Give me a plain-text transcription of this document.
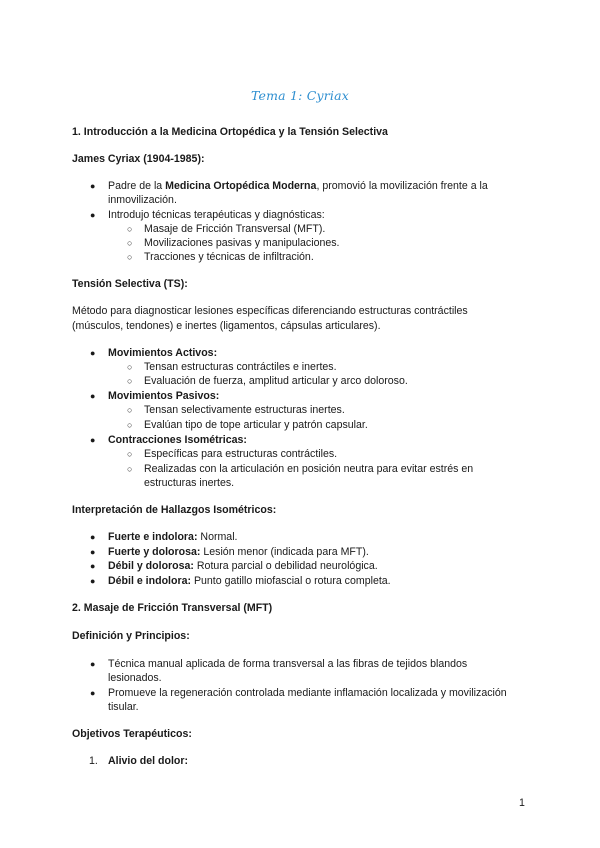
Tema 1: Cyriax
1. Introducción a la Medicina Ortopédica y la Tensión Selectiva
James Cyriax (1904-1985):
● Padre de la Medicina Ortopédica Moderna, promovió la movilización frente a la
inmovilización.
● Introdujo técnicas terapéuticas y diagnósticas:
○ Masaje de Fricción Transversal (MFT).
○ Movilizaciones pasivas y manipulaciones.
○ Tracciones y técnicas de infiltración.
Tensión Selectiva (TS):
Método para diagnosticar lesiones específicas diferenciando estructuras contráctiles
(músculos, tendones) e inertes (ligamentos, cápsulas articulares).
● Movimientos Activos:
○ Tensan estructuras contráctiles e inertes.
○ Evaluación de fuerza, amplitud articular y arco doloroso.
● Movimientos Pasivos:
○ Tensan selectivamente estructuras inertes.
○ Evalúan tipo de tope articular y patrón capsular.
● Contracciones Isométricas:
○ Específicas para estructuras contráctiles.
○ Realizadas con la articulación en posición neutra para evitar estrés en
estructuras inertes.
Interpretación de Hallazgos Isométricos:
● Fuerte e indolora: Normal.
● Fuerte y dolorosa: Lesión menor (indicada para MFT).
● Débil y dolorosa: Rotura parcial o debilidad neurológica.
● Débil e indolora: Punto gatillo miofascial o rotura completa.
2. Masaje de Fricción Transversal (MFT)
Definición y Principios:
● Técnica manual aplicada de forma transversal a las fibras de tejidos blandos
lesionados.
● Promueve la regeneración controlada mediante inflamación localizada y movilización
tisular.
Objetivos Terapéuticos:
1. Alivio del dolor:
1
